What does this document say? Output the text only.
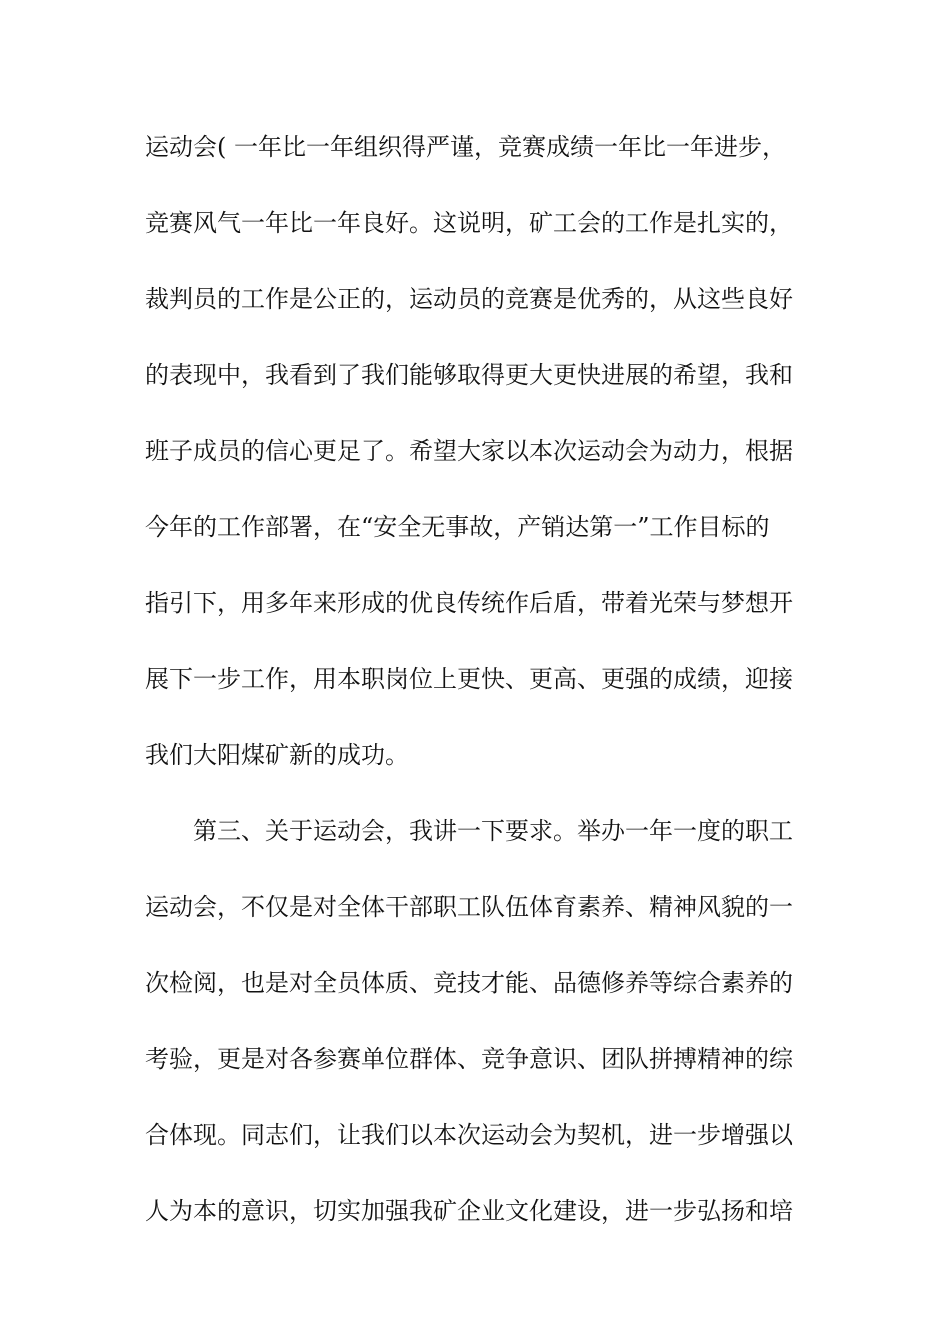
运动会( 一年比一年组织得严谨，竞赛成绩一年比一年进步，
竞赛风气一年比一年良好。这说明，矿工会的工作是扎实的，
裁判员的工作是公正的，运动员的竞赛是优秀的，从这些良好
的表现中，我看到了我们能够取得更大更快进展的希望，我和
班子成员的信心更足了。希望大家以本次运动会为动力，根据
今年的工作部署，在“安全无事故，产销达第一”工作目标的
指引下，用多年来形成的优良传统作后盾，带着光荣与梦想开
展下一步工作，用本职岗位上更快、更高、更强的成绩，迎接
我们大阳煤矿新的成功。
第三、关于运动会，我讲一下要求。举办一年一度的职工
运动会，不仅是对全体干部职工队伍体育素养、精神风貌的一
次检阅，也是对全员体质、竞技才能、品德修养等综合素养的
考验，更是对各参赛单位群体、竞争意识、团队拼搏精神的综
合体现。同志们，让我们以本次运动会为契机，进一步增强以
人为本的意识，切实加强我矿企业文化建设，进一步弘扬和培
